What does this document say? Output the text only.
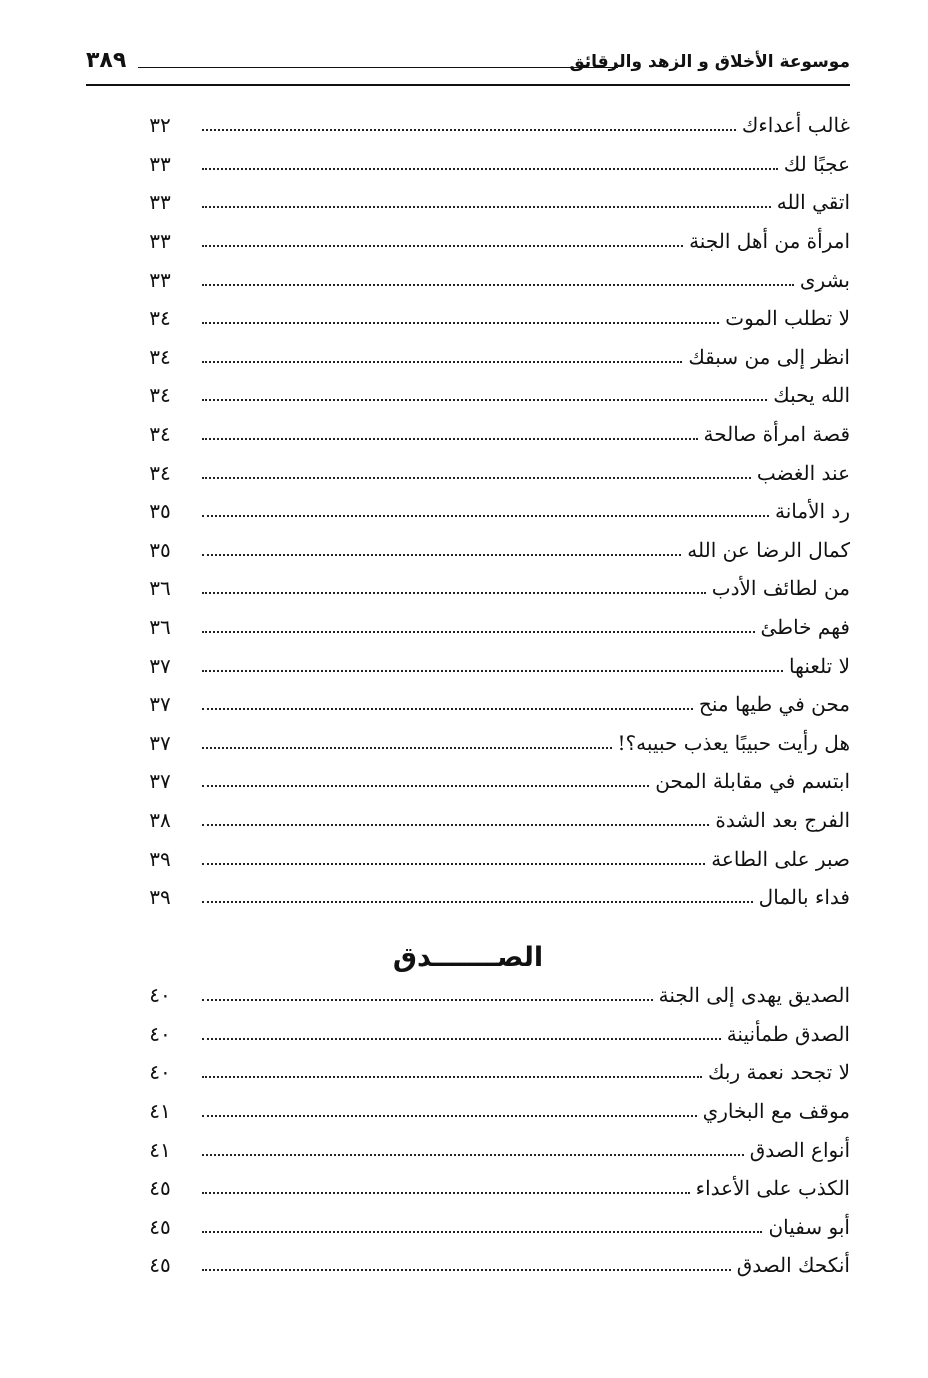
موسوعة الأخلاق و الزهد والرقائق
٣٨٩
غالب أعداءك
٣٢
عجبًا لك
٣٣
اتقي الله
٣٣
امرأة من أهل الجنة
٣٣
بشرى
٣٣
لا تطلب الموت
٣٤
انظر إلى من سبقك
٣٤
الله يحبك
٣٤
قصة امرأة صالحة
٣٤
عند الغضب
٣٤
رد الأمانة
٣٥
كمال الرضا عن الله
٣٥
من لطائف الأدب
٣٦
فهم خاطئ
٣٦
لا تلعنها
٣٧
محن في طيها منح
٣٧
هل رأيت حبيبًا يعذب حبيبه؟!
٣٧
ابتسم في مقابلة المحن
٣٧
الفرج بعد الشدة
٣٨
صبر على الطاعة
٣٩
فداء بالمال
٣٩
الصـــــــدق
الصديق يهدى إلى الجنة
٤٠
الصدق طمأنينة
٤٠
لا تجحد نعمة ربك
٤٠
موقف مع البخاري
٤١
أنواع الصدق
٤١
الكذب على الأعداء
٤٥
أبو سفيان
٤٥
أنكحك الصدق
٤٥
